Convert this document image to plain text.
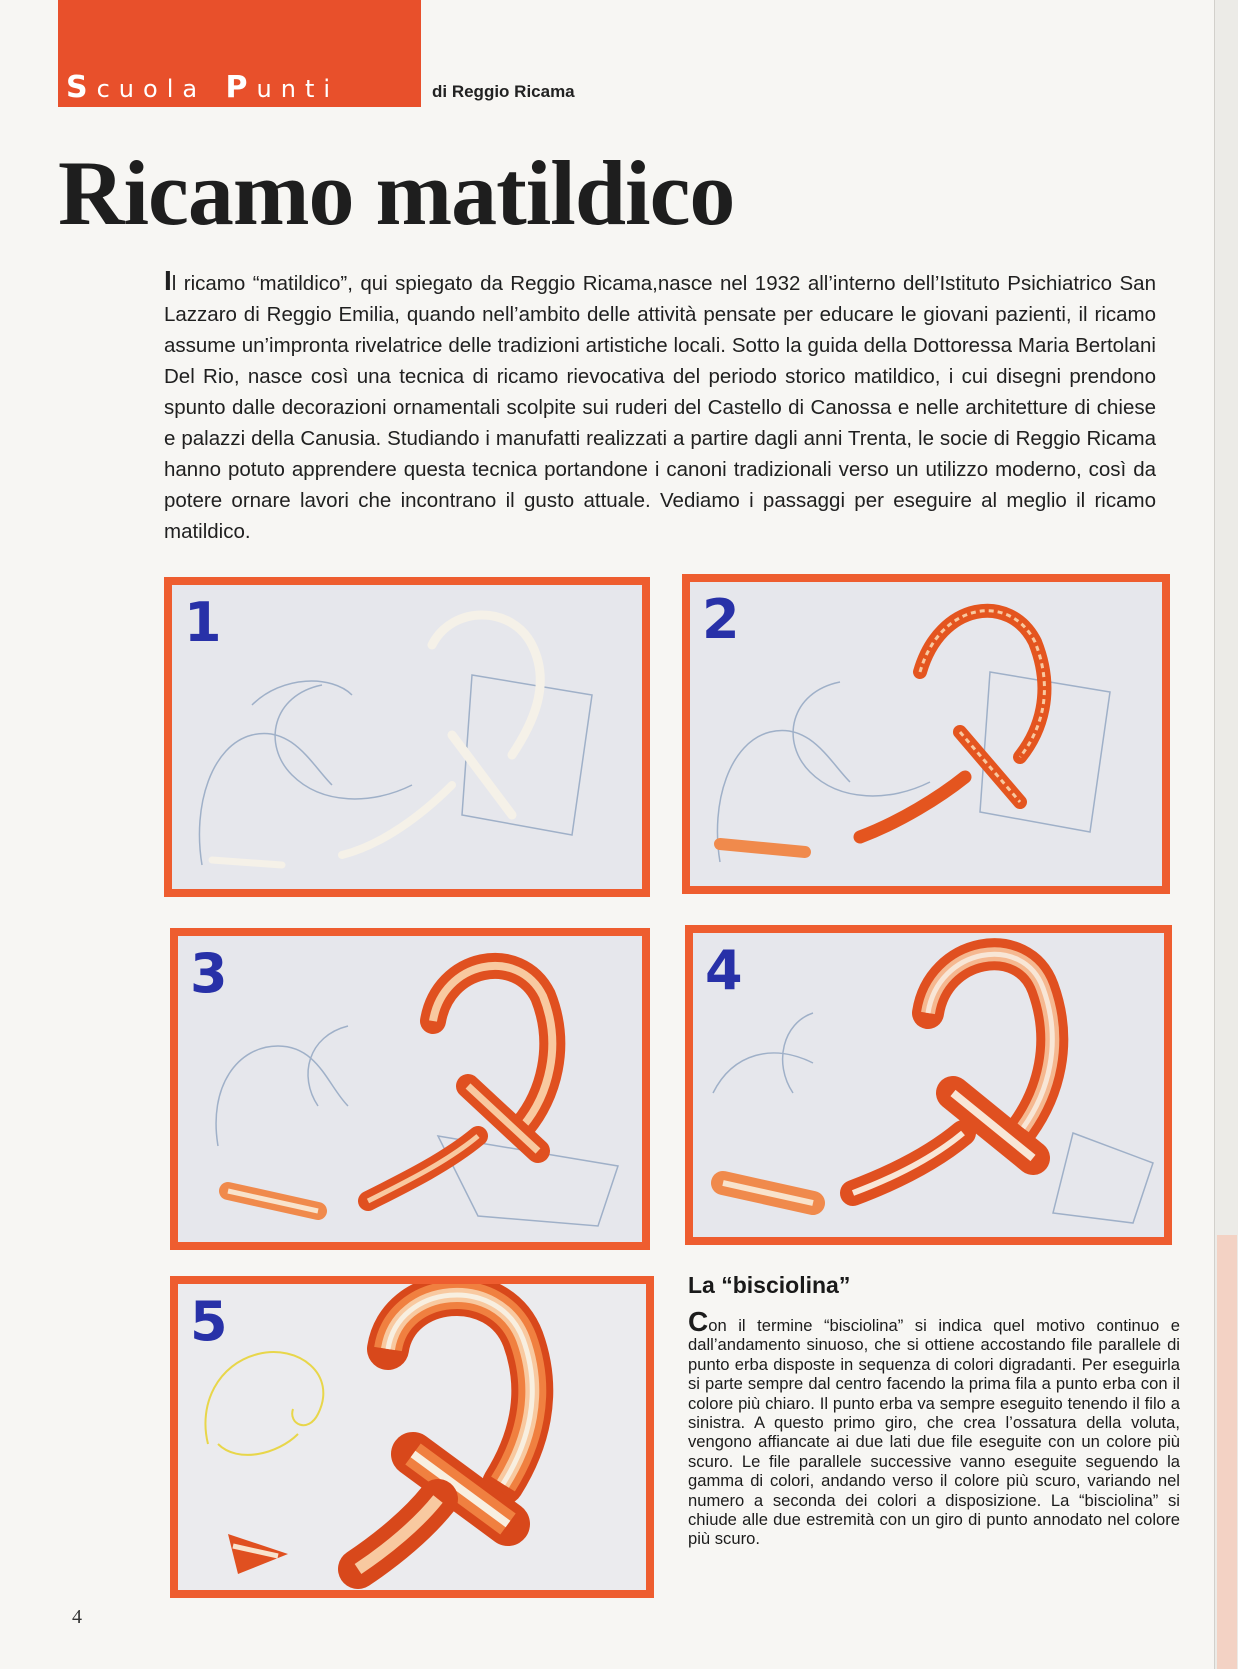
Scuola Punti	di Reggio Ricama
Ricamo matildico
Il ricamo “matildico”, qui spiegato da Reggio Ricama,nasce nel 1932 all’interno dell’Istituto Psichiatrico San Lazzaro di Reggio Emilia, quando nell’ambito delle attività pensate per educare le giovani pazienti, il ricamo assume un’impronta rivelatrice delle tradizioni artistiche locali. Sotto la guida della Dottoressa Maria Bertolani Del Rio, nasce così una tecnica di ricamo rievocativa del periodo storico matildico, i cui disegni prendono spunto dalle decorazioni ornamentali scolpite sui ruderi del Castello di Canossa e nelle architetture di chiese e palazzi della Canusia. Studiando i manufatti realizzati a partire dagli anni Trenta, le socie di Reggio Ricama hanno potuto apprendere questa tecnica portandone i canoni tradizionali verso un utilizzo moderno, così da potere ornare lavori che incontrano il gusto attuale. Vediamo i passaggi per eseguire al meglio il ricamo matildico.
1	2
3	4
5
La “bisciolina”
Con il termine “bisciolina” si indica quel motivo continuo e dall’andamento sinuoso, che si ottiene accostando file parallele di punto erba disposte in sequenza di colori digradanti. Per eseguirla si parte sempre dal centro facendo la prima fila a punto erba con il colore più chiaro. Il punto erba va sempre eseguito tenendo il filo a sinistra. A questo primo giro, che crea l’ossatura della voluta, vengono affiancate ai due lati due file eseguite con un colore più scuro. Le file parallele successive vanno eseguite seguendo la gamma di colori, andando verso il colore più scuro, variando nel numero a seconda dei colori a disposizione. La “bisciolina” si chiude alle due estremità con un giro di punto annodato nel colore più scuro.
4
